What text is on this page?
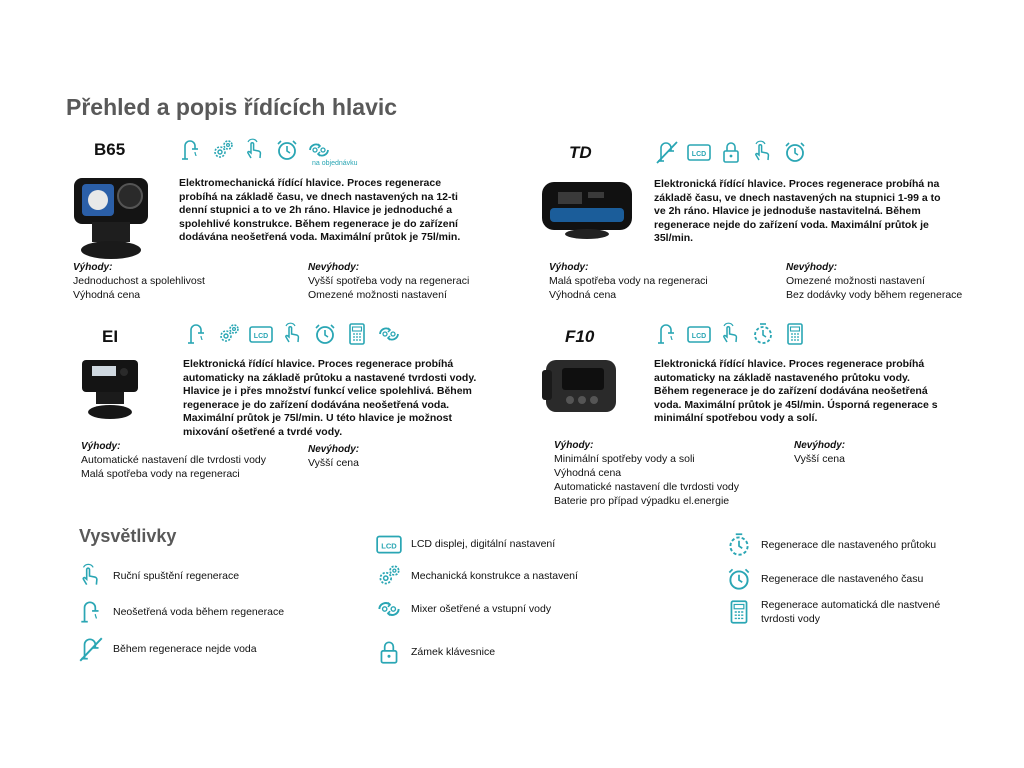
Přehled a popis řídících hlavic
B65
na objednávku
Elektromechanická řídící hlavice. Proces regenerace
probíhá na základě času, ve dnech nastavených na 12-ti
denní stupnici a to ve 2h ráno. Hlavice je jednoduché a
spolehlivé konstrukce. Během regenerace je do zařízení
dodávána neošetřená voda. Maximální průtok je 75l/min.
Výhody:
Jednoduchost a spolehlivost
Výhodná cena
Nevýhody:
Vyšší spotřeba vody na regeneraci
Omezené možnosti nastavení
TD	LCD
Elektronická řídící hlavice. Proces regenerace probíhá na
základě času, ve dnech nastavených na stupnici 1-99 a to
ve 2h ráno. Hlavice je jednoduše nastavitelná. Během
regenerace nejde do zařízení voda. Maximální průtok je
35l/min.
Výhody:
Malá spotřeba vody na regeneraci
Výhodná cena
Nevýhody:
Omezené možnosti nastavení
Bez dodávky vody během regenerace
EI	LCD
Elektronická řídící hlavice. Proces regenerace probíhá
automaticky na základě průtoku a nastavené tvrdosti vody.
Hlavice je i přes množství funkcí velice spolehlivá. Během
regenerace je do zařízení dodávána neošetřená voda.
Maximální průtok je 75l/min. U této hlavice je možnost
mixování ošetřené a tvrdé vody.
Výhody:
Automatické nastavení dle tvrdosti vody
Malá spotřeba vody na regeneraci
Nevýhody:
Vyšší cena
F10	LCD
Elektronická řídící hlavice. Proces regenerace probíhá
automaticky na základě nastaveného průtoku vody.
Během regenerace je do zařízení dodávána neošetřená
voda. Maximální průtok je 45l/min. Úsporná regenerace s
minimální spotřebou vody a solí.
Výhody:
Minimální spotřeby vody a soli
Výhodná cena
Automatické nastavení dle tvrdosti vody
Baterie pro případ výpadku el.energie
Nevýhody:
Vyšší cena
Vysvětlivky
Ruční spuštění regenerace
Neošetřená voda během regenerace
Během regenerace nejde voda
LCD LCD displej, digitální nastavení
Mechanická konstrukce a nastavení
Mixer ošetřené a vstupní vody
Zámek klávesnice
Regenerace dle nastaveného průtoku
Regenerace dle nastaveného času
Regenerace automatická dle nastvené
tvrdosti vody
